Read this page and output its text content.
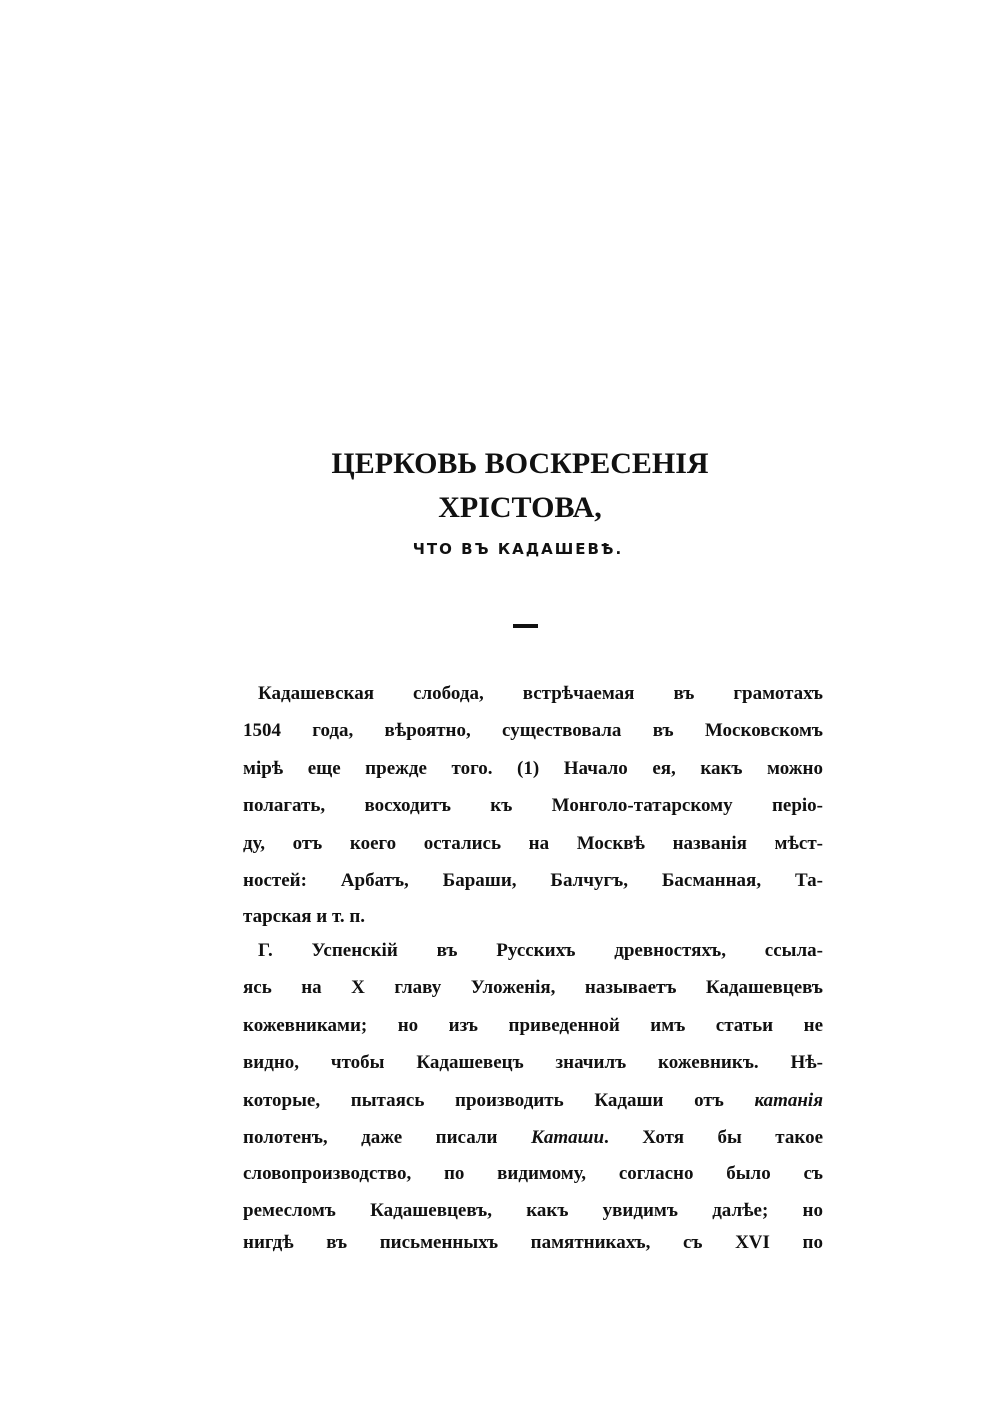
ЦЕРКОВЬ ВОСКРЕСЕНІЯ ХРІСТОВА,
ЧТО ВЪ КАДАШЕВѢ.
Кадашевская слобода, встрѣчаемая въ грамотахъ
1504 года, вѣроятно, существовала въ Московскомъ
мірѣ еще прежде того. (1) Начало ея, какъ можно
полагать, восходитъ къ Монголо-татарскому періо-
ду, отъ коего остались на Москвѣ названія мѣст-
ностей: Арбатъ, Бараши, Балчугъ, Басманная, Та-
тарская и т. п.
Г. Успенскій въ Русскихъ древностяхъ, ссыла-
ясь на X главу Уложенія, называетъ Кадашевцевъ
кожевниками; но изъ приведенной имъ статьи не
видно, чтобы Кадашевецъ значилъ кожевникъ. Нѣ-
которые, пытаясь производить Кадаши отъ катанія
полотенъ, даже писали Каташи. Хотя бы такое
словопроизводство, по видимому, согласно было съ
ремесломъ Кадашевцевъ, какъ увидимъ далѣе; но
нигдѣ въ письменныхъ памятникахъ, съ XVI по
